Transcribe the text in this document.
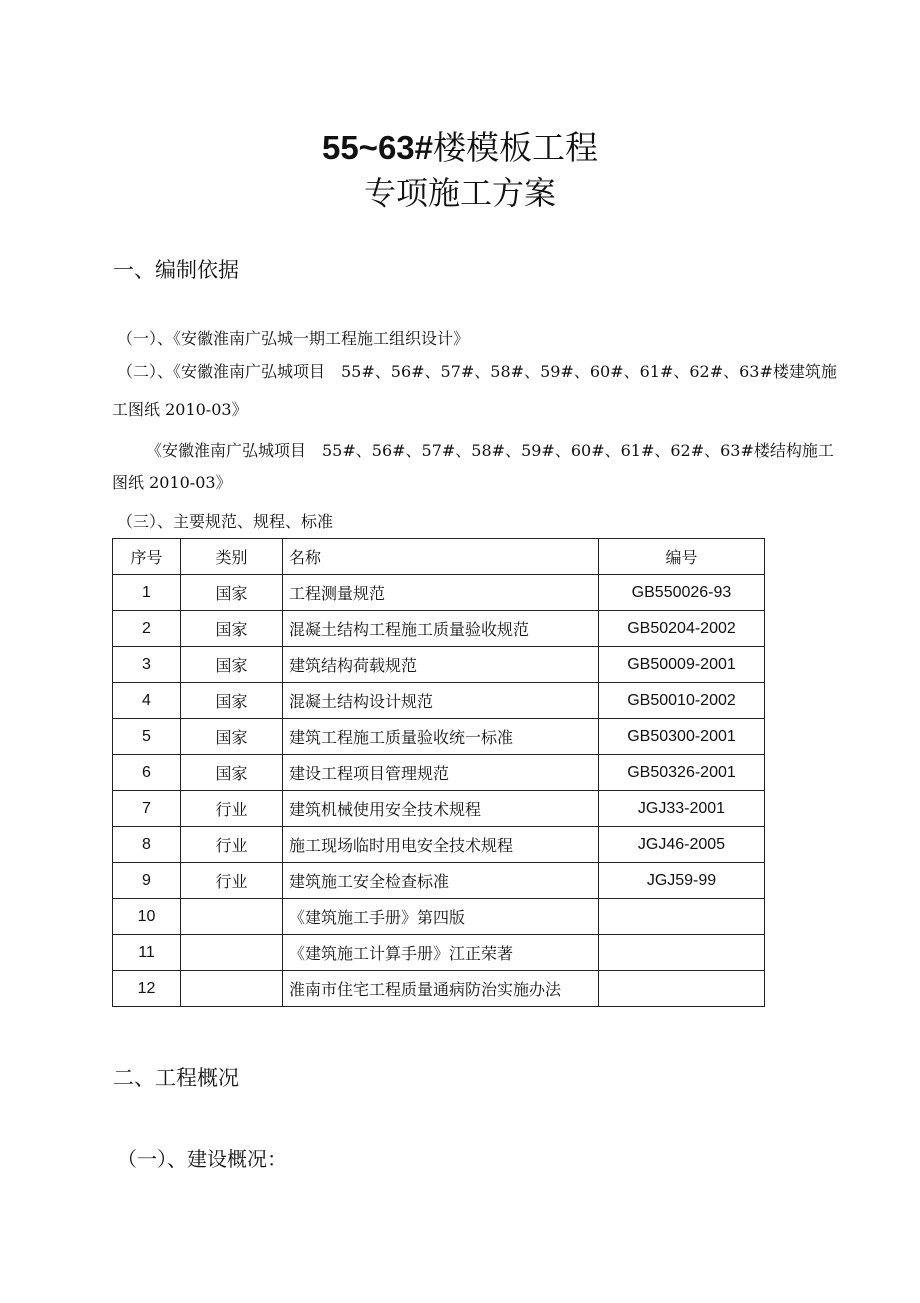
55~63#楼模板工程
专项施工方案
一、编制依据
（一）、《安徽淮南广弘城一期工程施工组织设计》
（二）、《安徽淮南广弘城项目　55#、56#、57#、58#、59#、60#、61#、62#、63#楼建筑施
工图纸 2010-03》
《安徽淮南广弘城项目　55#、56#、57#、58#、59#、60#、61#、62#、63#楼结构施工
图纸 2010-03》
（三）、主要规范、规程、标准
序号	类别	名称	编号
1	国家	工程测量规范	GB550026-93
2	国家	混凝土结构工程施工质量验收规范	GB50204-2002
3	国家	建筑结构荷载规范	GB50009-2001
4	国家	混凝土结构设计规范	GB50010-2002
5	国家	建筑工程施工质量验收统一标准	GB50300-2001
6	国家	建设工程项目管理规范	GB50326-2001
7	行业	建筑机械使用安全技术规程	JGJ33-2001
8	行业	施工现场临时用电安全技术规程	JGJ46-2005
9	行业	建筑施工安全检查标准	JGJ59-99
10		《建筑施工手册》第四版	
11		《建筑施工计算手册》江正荣著	
12		淮南市住宅工程质量通病防治实施办法	
二、工程概况
（一）、建设概况：
